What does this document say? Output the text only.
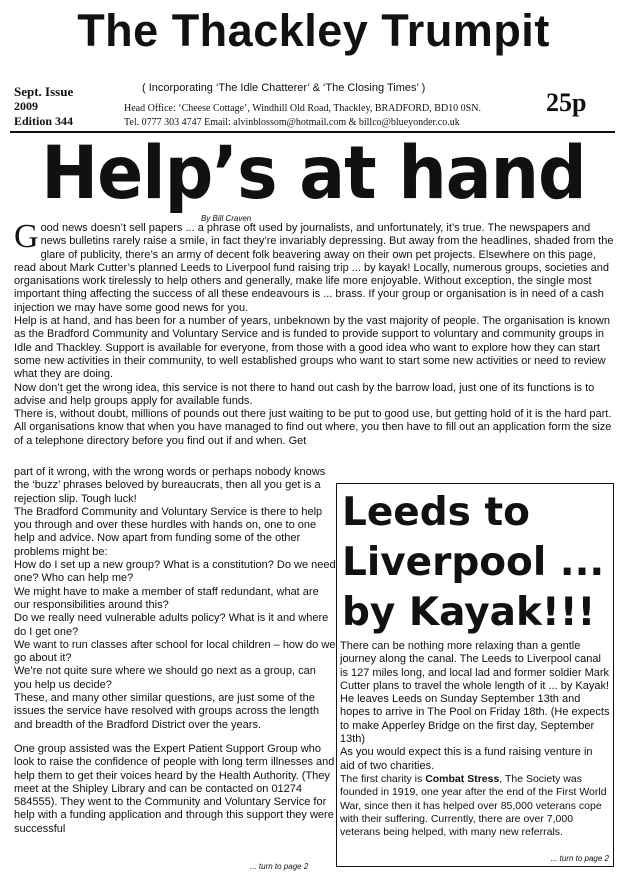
The Thackley Trumpit
Sept. Issue
2009
Edition 344
( Incorporating ‘The Idle Chatterer’ & ‘The Closing Times’ )
Head Office: ‘Cheese Cottage’, Windhill Old Road, Thackley, BRADFORD, BD10 0SN.
Tel. 0777 303 4747 Email: alvinblossom@hotmail.com & billco@blueyonder.co.uk
25p
Help’s at hand
By Bill Craven

Good news doesn’t sell papers ... a phrase oft used by journalists, and unfortunately, it’s true. The newspapers and news bulletins rarely raise a smile, in fact they’re invariably depressing. But away from the headlines, shaded from the glare of publicity, there’s an army of decent folk beavering away on their own pet projects. Elsewhere on this page, read about Mark Cutter’s planned Leeds to Liverpool fund raising trip ... by kayak! Locally, numerous groups, societies and organisations work tirelessly to help others and generally, make life more enjoyable. Without exception, the single most important thing affecting the success of all these endeavours is ... brass. If your group or organisation is in need of a cash injection we may have some good news for you.

Help is at hand, and has been for a number of years, unbeknown by the vast majority of people. The organisation is known as the Bradford Community and Voluntary Service and is funded to provide support to voluntary and community groups in Idle and Thackley. Support is available for everyone, from those with a good idea who want to explore how they can start some new activities in their community, to well established groups who want to start some new activities or need to review what they are doing.

Now don’t get the wrong idea, this service is not there to hand out cash by the barrow load, just one of its functions is to advise and help groups apply for available funds.

There is, without doubt, millions of pounds out there just waiting to be put to good use, but getting hold of it is the hard part. All organisations know that when you have managed to find out where, you then have to fill out an application form the size of a telephone directory before you find out if and when. Get

part of it wrong, with the wrong words or perhaps nobody knows the ‘buzz’ phrases beloved by bureaucrats, then all you get is a rejection slip. Tough luck!

The Bradford Community and Voluntary Service is there to help you through and over these hurdles with hands on, one to one help and advice. Now apart from funding some of the other problems might be:

How do I set up a new group? What is a constitution? Do we need one? Who can help me?

We might have to make a member of staff redundant, what are our responsibilities around this?

Do we really need vulnerable adults policy? What is it and where do I get one?

We want to run classes after school for local children – how do we go about it?

We’re not quite sure where we should go next as a group, can you help us decide?

These, and many other similar questions, are just some of the issues the service have resolved with groups across the length and breadth of the Bradford District over the years.

One group assisted was the Expert Patient Support Group who look to raise the confidence of people with long term illnesses and help them to get their voices heard by the Health Authority. (They meet at the Shipley Library and can be contacted on 01274 584555). They went to the Community and Voluntary Service for help with a funding application and through this support they were successful

... turn to page 2
Leeds to
Liverpool ...
by Kayak!!!

There can be nothing more relaxing than a gentle journey along the canal. The Leeds to Liverpool canal is 127 miles long, and local lad and former soldier Mark Cutter plans to travel the whole length of it ... by Kayak!

He leaves Leeds on Sunday September 13th and hopes to arrive in The Pool on Friday 18th. (He expects to make Apperley Bridge on the first day, September 13th)

As you would expect this is a fund raising venture in aid of two charities.

The first charity is Combat Stress, The Society was founded in 1919, one year after the end of the First World War, since then it has helped over 85,000 veterans cope with their suffering. Currently, there are over 7,000 veterans being helped, with many new referrals.

... turn to page 2
